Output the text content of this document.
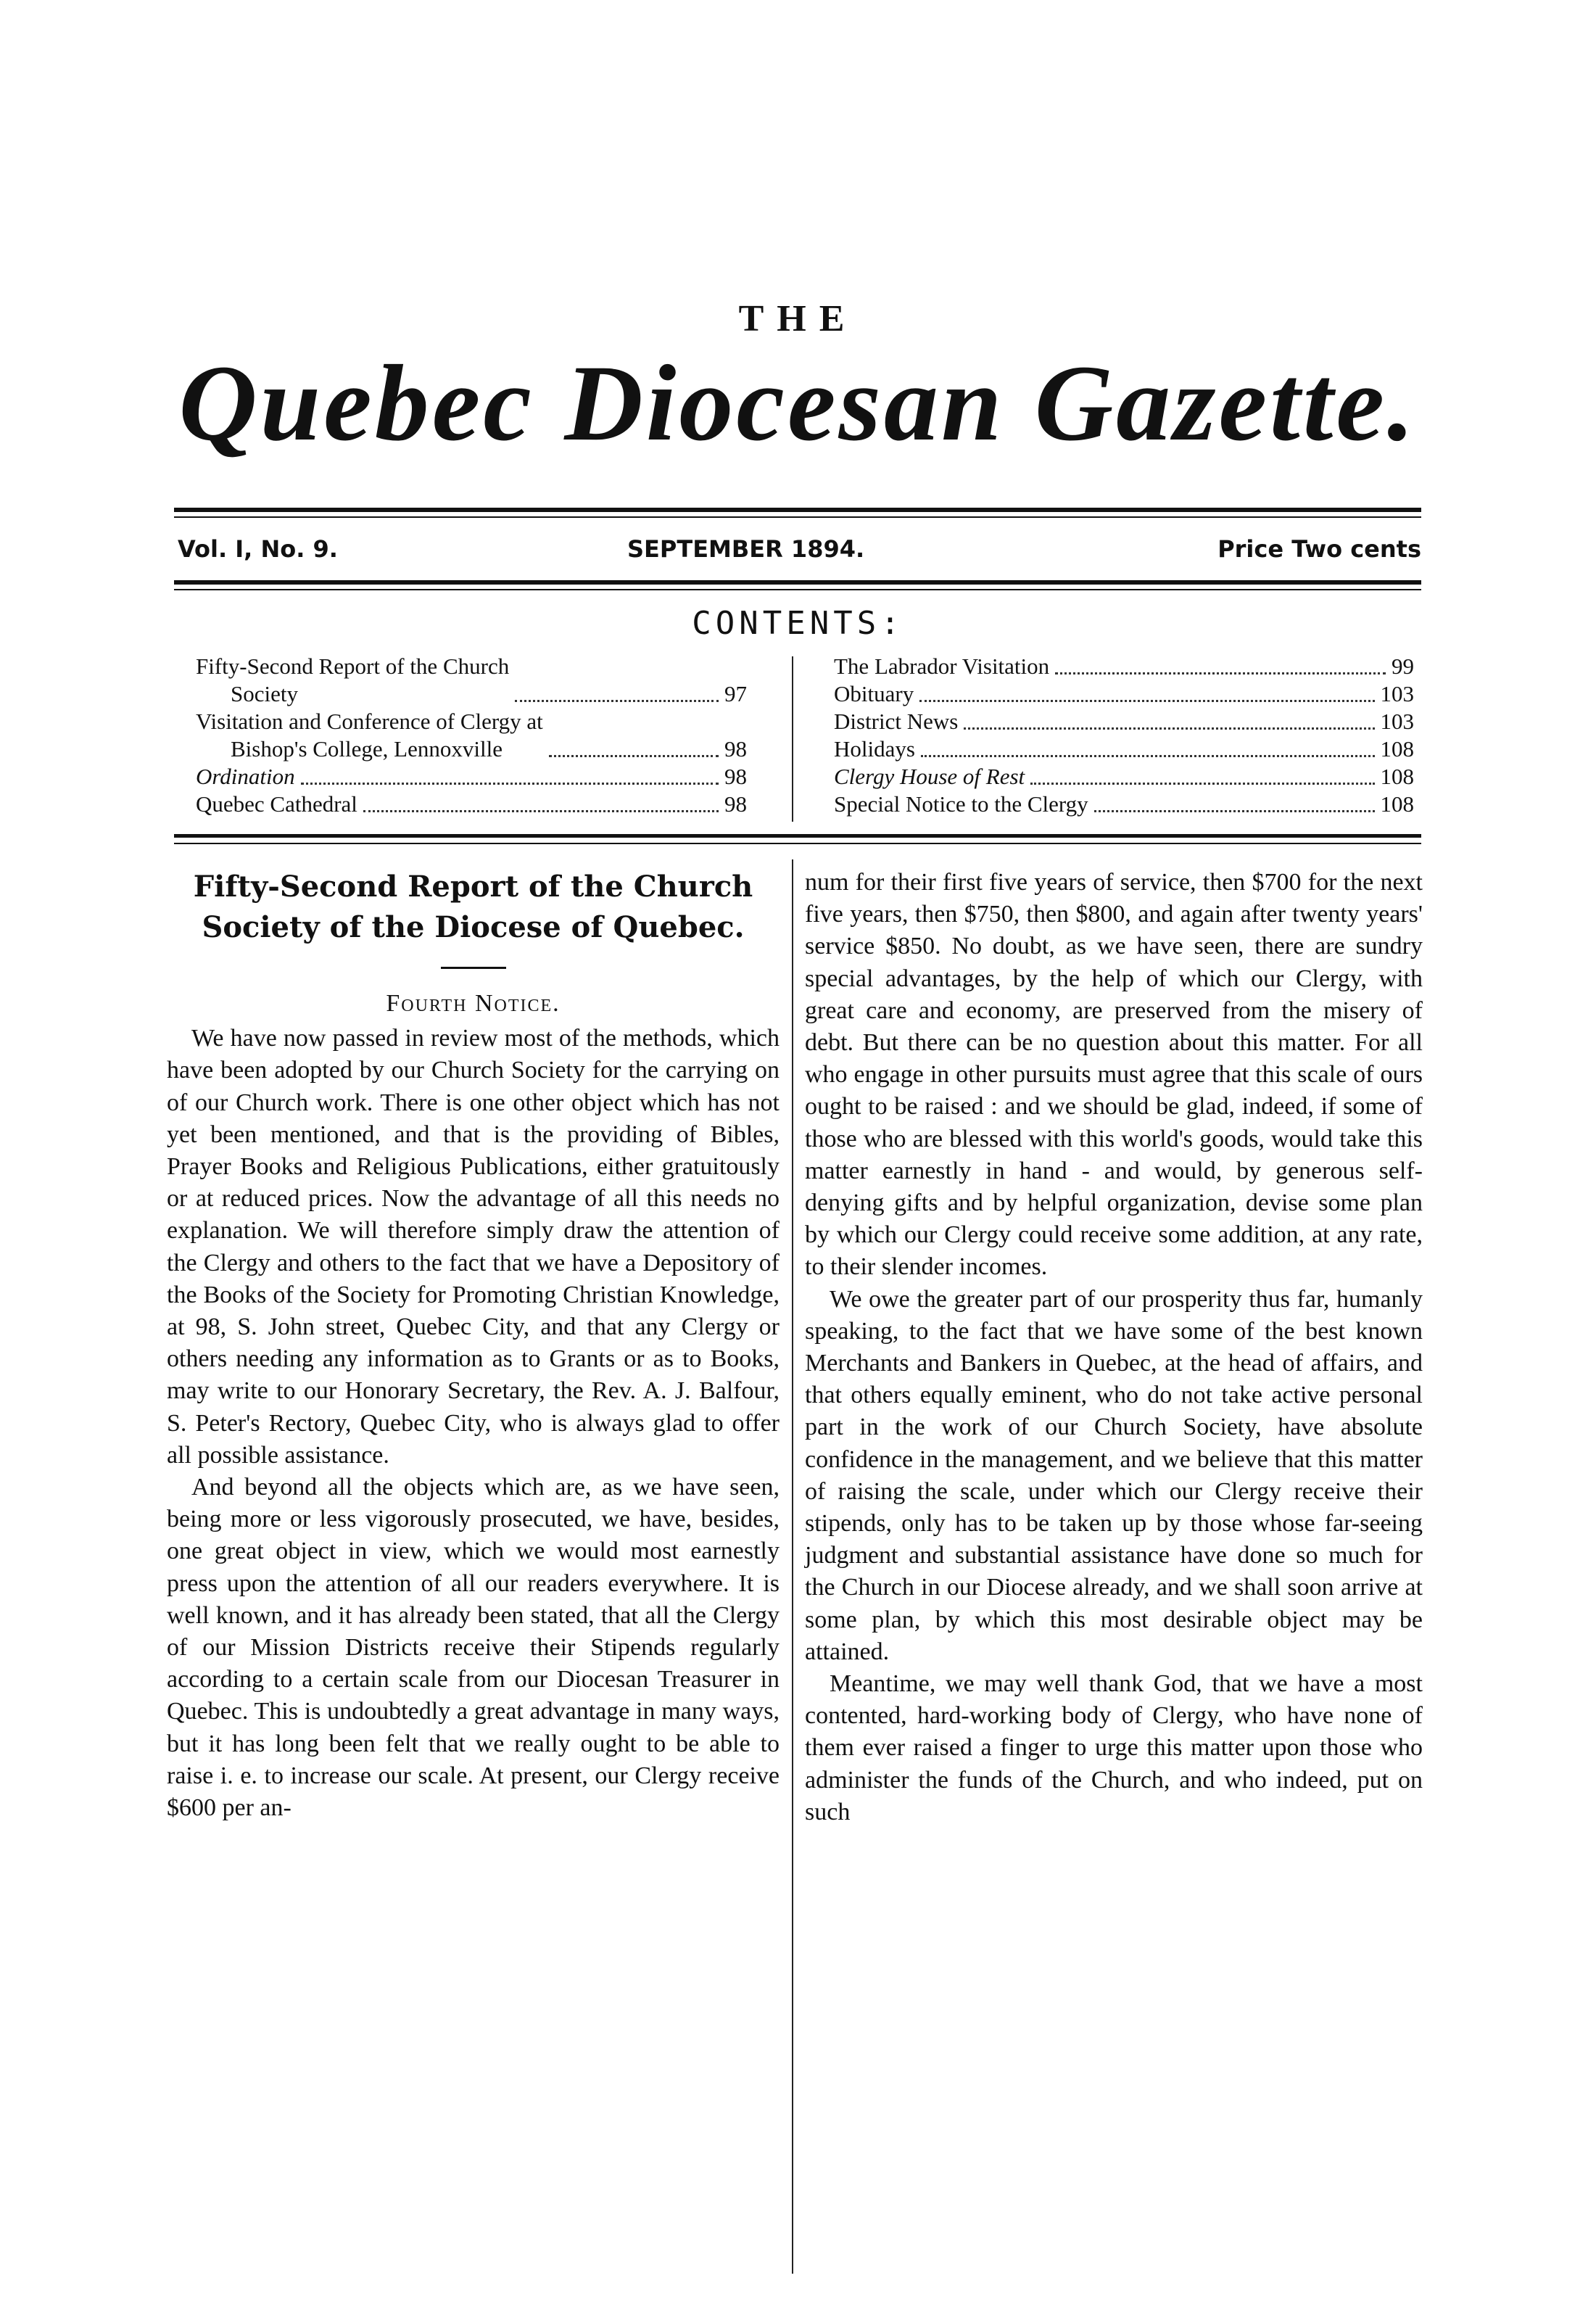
THE
Quebec Diocesan Gazette.
Vol. I, No. 9.	SEPTEMBER 1894.	Price Two cents
CONTENTS:
Fifty-Second Report of the Church
Society	97
Visitation and Conference of Clergy at
Bishop's College, Lennoxville	98
Ordination	98
Quebec Cathedral	98
The Labrador Visitation	99
Obituary	103
District News	103
Holidays	108
Clergy House of Rest	108
Special Notice to the Clergy	108
Fifty-Second Report of the Church Society of the Diocese of Quebec.
Fourth Notice.

We have now passed in review most of the methods, which have been adopted by our Church Society for the carrying on of our Church work. There is one other object which has not yet been mentioned, and that is the providing of Bibles, Prayer Books and Religious Publications, either gratuitously or at reduced prices. Now the advantage of all this needs no explanation. We will therefore simply draw the attention of the Clergy and others to the fact that we have a Depository of the Books of the Society for Promoting Christian Knowledge, at 98, S. John street, Quebec City, and that any Clergy or others needing any information as to Grants or as to Books, may write to our Honorary Secretary, the Rev. A. J. Balfour, S. Peter's Rectory, Quebec City, who is always glad to offer all possible assistance.

And beyond all the objects which are, as we have seen, being more or less vigorously prosecuted, we have, besides, one great object in view, which we would most earnestly press upon the attention of all our readers everywhere. It is well known, and it has already been stated, that all the Clergy of our Mission Districts receive their Stipends regularly according to a certain scale from our Diocesan Treasurer in Quebec. This is undoubtedly a great advantage in many ways, but it has long been felt that we really ought to be able to raise i. e. to increase our scale. At present, our Clergy receive $600 per an-

num for their first five years of service, then $700 for the next five years, then $750, then $800, and again after twenty years' service $850. No doubt, as we have seen, there are sundry special advantages, by the help of which our Clergy, with great care and economy, are preserved from the misery of debt. But there can be no question about this matter. For all who engage in other pursuits must agree that this scale of ours ought to be raised : and we should be glad, indeed, if some of those who are blessed with this world's goods, would take this matter earnestly in hand - and would, by generous self-denying gifts and by helpful organization, devise some plan by which our Clergy could receive some addition, at any rate, to their slender incomes.

We owe the greater part of our prosperity thus far, humanly speaking, to the fact that we have some of the best known Merchants and Bankers in Quebec, at the head of affairs, and that others equally eminent, who do not take active personal part in the work of our Church Society, have absolute confidence in the management, and we believe that this matter of raising the scale, under which our Clergy receive their stipends, only has to be taken up by those whose far-seeing judgment and substantial assistance have done so much for the Church in our Diocese already, and we shall soon arrive at some plan, by which this most desirable object may be attained.

Meantime, we may well thank God, that we have a most contented, hard-working body of Clergy, who have none of them ever raised a finger to urge this matter upon those who administer the funds of the Church, and who indeed, put on such
